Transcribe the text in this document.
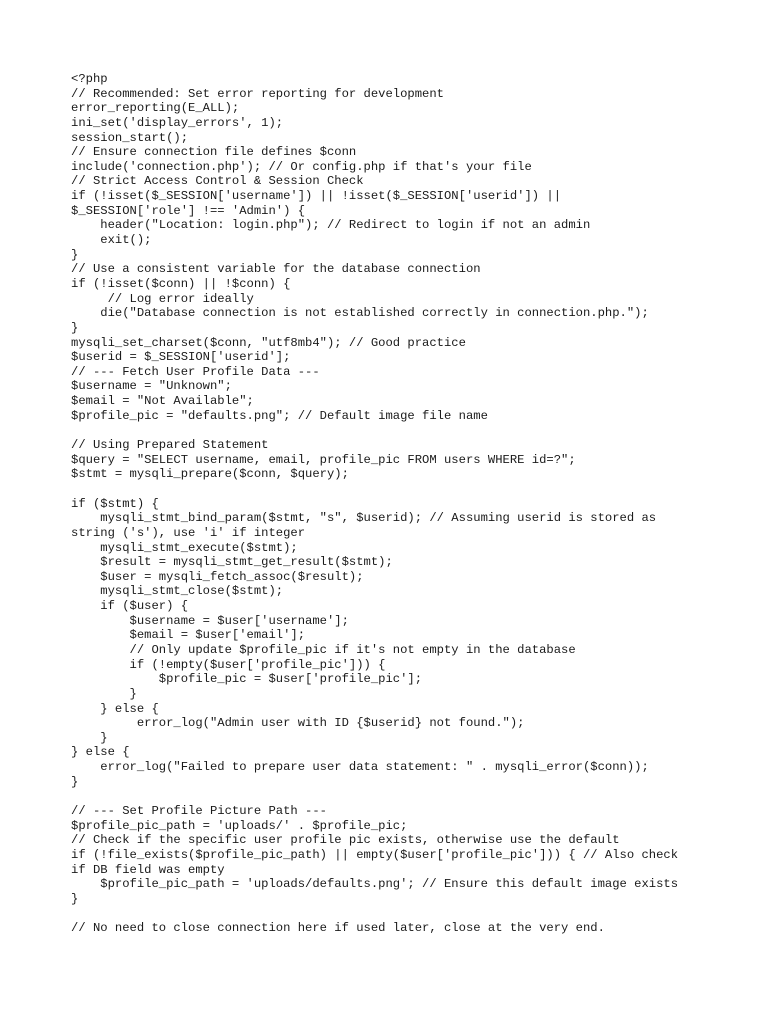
<?php
// Recommended: Set error reporting for development
error_reporting(E_ALL);
ini_set('display_errors', 1);
session_start();
// Ensure connection file defines $conn
include('connection.php'); // Or config.php if that's your file
// Strict Access Control & Session Check
if (!isset($_SESSION['username']) || !isset($_SESSION['userid']) ||
$_SESSION['role'] !== 'Admin') {
header("Location: login.php"); // Redirect to login if not an admin
exit();
}
// Use a consistent variable for the database connection
if (!isset($conn) || !$conn) {
// Log error ideally
die("Database connection is not established correctly in connection.php.");
}
mysqli_set_charset($conn, "utf8mb4"); // Good practice
$userid = $_SESSION['userid'];
// --- Fetch User Profile Data ---
$username = "Unknown";
$email = "Not Available";
$profile_pic = "defaults.png"; // Default image file name
// Using Prepared Statement
$query = "SELECT username, email, profile_pic FROM users WHERE id=?";
$stmt = mysqli_prepare($conn, $query);
if ($stmt) {
mysqli_stmt_bind_param($stmt, "s", $userid); // Assuming userid is stored as
string ('s'), use 'i' if integer
mysqli_stmt_execute($stmt);
$result = mysqli_stmt_get_result($stmt);
$user = mysqli_fetch_assoc($result);
mysqli_stmt_close($stmt);
if ($user) {
$username = $user['username'];
$email = $user['email'];
// Only update $profile_pic if it's not empty in the database
if (!empty($user['profile_pic'])) {
$profile_pic = $user['profile_pic'];
}
} else {
error_log("Admin user with ID {$userid} not found.");
}
} else {
error_log("Failed to prepare user data statement: " . mysqli_error($conn));
}
// --- Set Profile Picture Path ---
$profile_pic_path = 'uploads/' . $profile_pic;
// Check if the specific user profile pic exists, otherwise use the default
if (!file_exists($profile_pic_path) || empty($user['profile_pic'])) { // Also check
if DB field was empty
$profile_pic_path = 'uploads/defaults.png'; // Ensure this default image exists
}
// No need to close connection here if used later, close at the very end.
